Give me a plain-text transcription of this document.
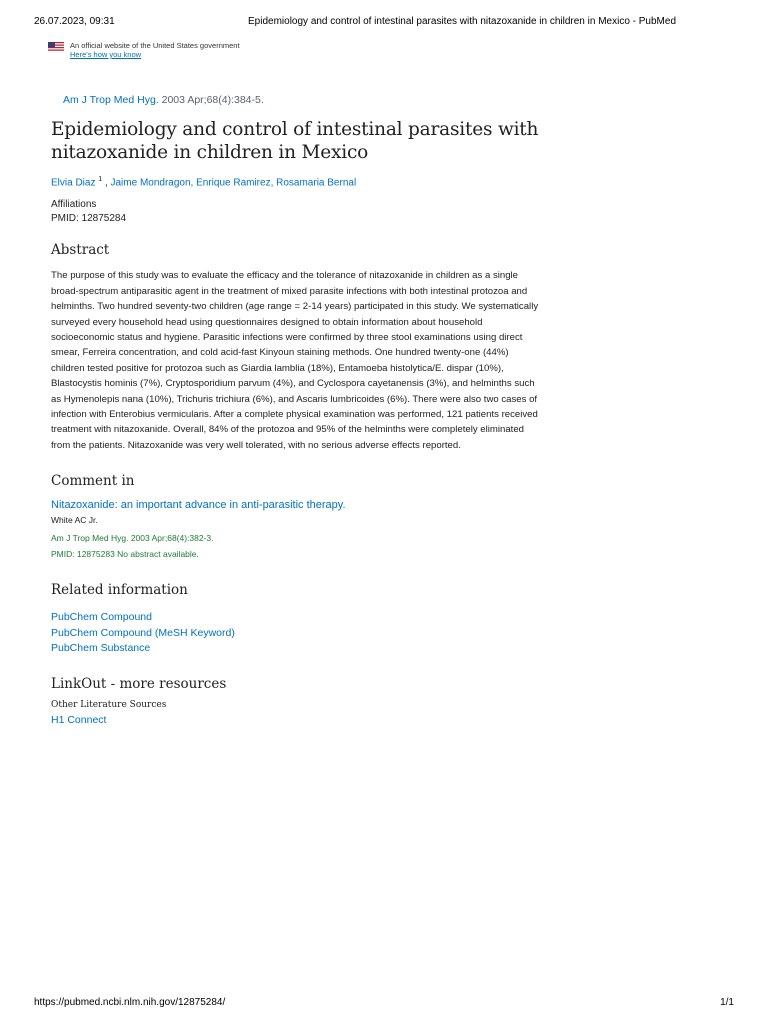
26.07.2023, 09:31	Epidemiology and control of intestinal parasites with nitazoxanide in children in Mexico - PubMed
An official website of the United States government
Here's how you know
Am J Trop Med Hyg. 2003 Apr;68(4):384-5.
Epidemiology and control of intestinal parasites with nitazoxanide in children in Mexico
Elvia Diaz $^1$ , Jaime Mondragon, Enrique Ramirez, Rosamaria Bernal
Affiliations
PMID: 12875284
Abstract

The purpose of this study was to evaluate the efficacy and the tolerance of nitazoxanide in children as a single broad-spectrum antiparasitic agent in the treatment of mixed parasite infections with both intestinal protozoa and helminths. Two hundred seventy-two children (age range = 2-14 years) participated in this study. We systematically surveyed every household head using questionnaires designed to obtain information about household socioeconomic status and hygiene. Parasitic infections were confirmed by three stool examinations using direct smear, Ferreira concentration, and cold acid-fast Kinyoun staining methods. One hundred twenty-one (44%) children tested positive for protozoa such as Giardia lamblia (18%), Entamoeba histolytica/E. dispar (10%), Blastocystis hominis (7%), Cryptosporidium parvum (4%), and Cyclospora cayetanensis (3%), and helminths such as Hymenolepis nana (10%), Trichuris trichiura (6%), and Ascaris lumbricoides (6%). There were also two cases of infection with Enterobius vermicularis. After a complete physical examination was performed, 121 patients received treatment with nitazoxanide. Overall, 84% of the protozoa and 95% of the helminths were completely eliminated from the patients. Nitazoxanide was very well tolerated, with no serious adverse effects reported.

Comment in
Nitazoxanide: an important advance in anti-parasitic therapy.
White AC Jr.
Am J Trop Med Hyg. 2003 Apr;68(4):382-3.
PMID: 12875283 No abstract available.
Related information
PubChem Compound
PubChem Compound (MeSH Keyword)
PubChem Substance
LinkOut - more resources
Other Literature Sources
H1 Connect
https://pubmed.ncbi.nlm.nih.gov/12875284/	1/1
